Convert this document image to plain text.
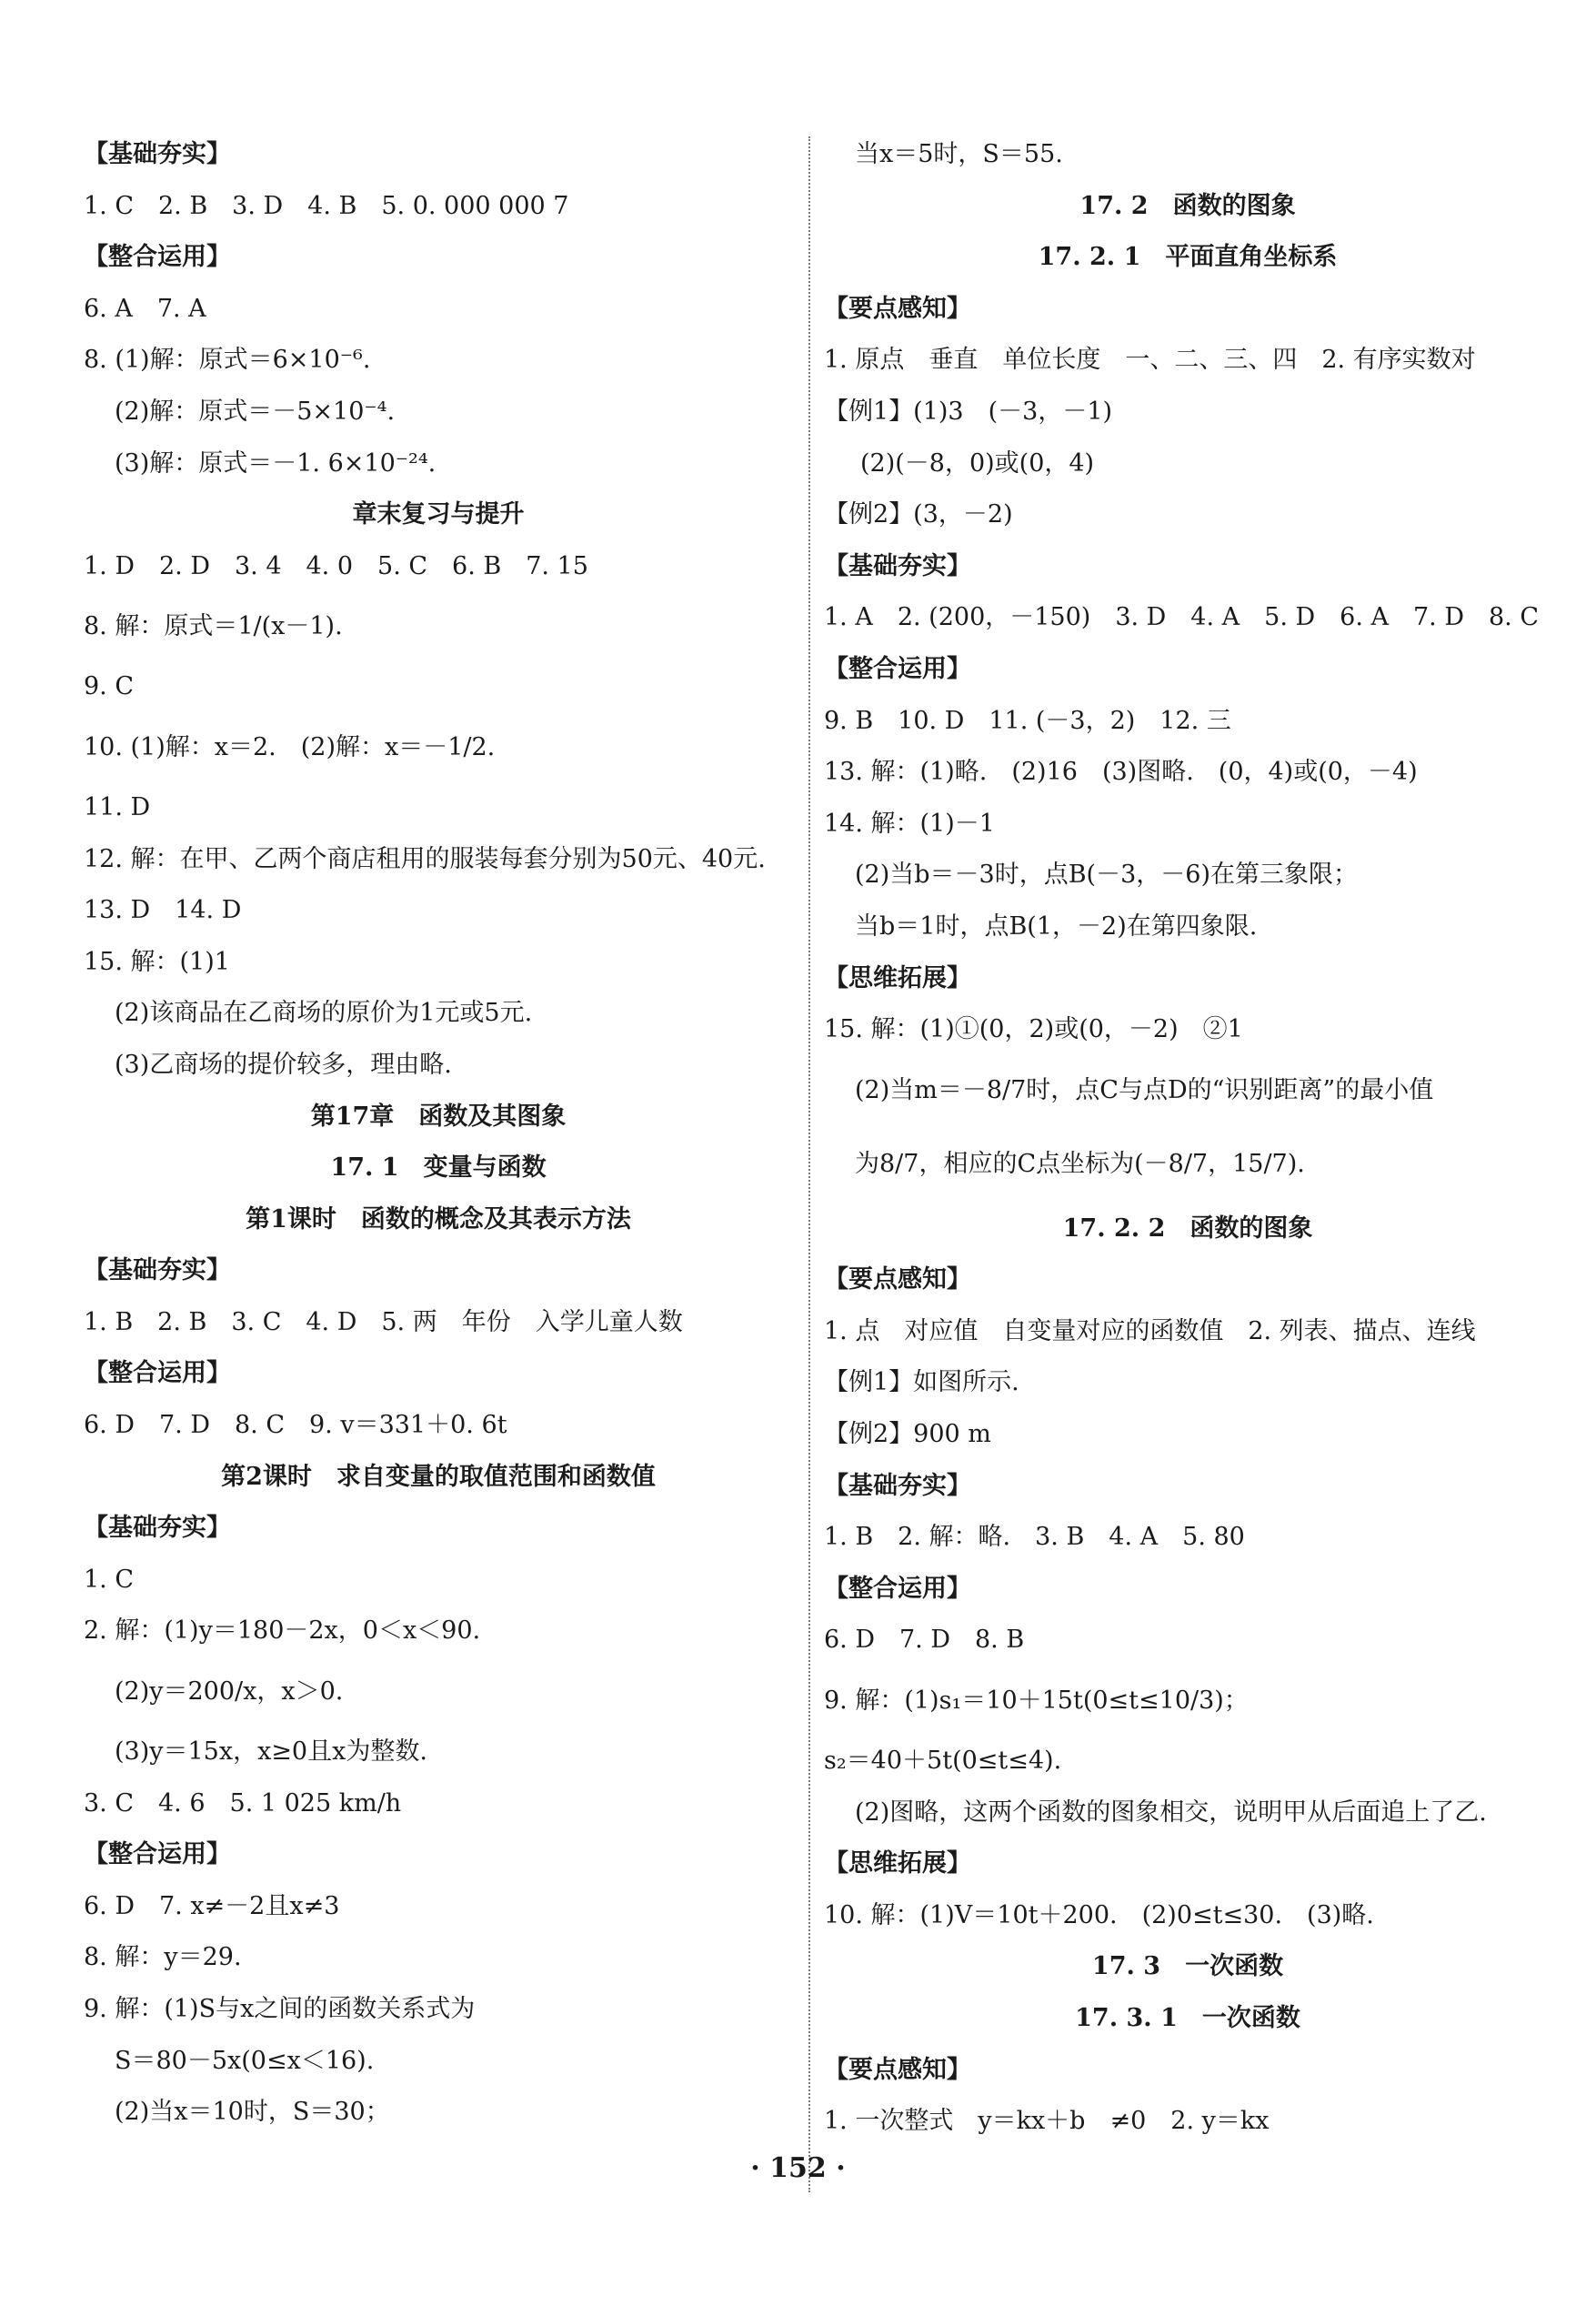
【基础夯实】
1. C　2. B　3. D　4. B　5. 0. 000 000 7
【整合运用】
6. A　7. A
8. (1)解：原式＝6×10⁻⁶.
(2)解：原式＝－5×10⁻⁴.
(3)解：原式＝－1. 6×10⁻²⁴.
章末复习与提升
1. D　2. D　3. 4　4. 0　5. C　6. B　7. 15
8. 解：原式＝1/(x－1).
9. C
10. (1)解：x＝2.　(2)解：x＝－1/2.
11. D
12. 解：在甲、乙两个商店租用的服装每套分别为50元、40元.
13. D　14. D
15. 解：(1)1
(2)该商品在乙商场的原价为1元或5元.
(3)乙商场的提价较多，理由略.
第17章　函数及其图象
17. 1　变量与函数
第1课时　函数的概念及其表示方法
【基础夯实】
1. B　2. B　3. C　4. D　5. 两　年份　入学儿童人数
【整合运用】
6. D　7. D　8. C　9. v＝331＋0. 6t
第2课时　求自变量的取值范围和函数值
【基础夯实】
1. C
2. 解：(1)y＝180－2x，0＜x＜90.
(2)y＝200/x，x＞0.
(3)y＝15x，x≥0且x为整数.
3. C　4. 6　5. 1 025 km/h
【整合运用】
6. D　7. x≠－2且x≠3
8. 解：y＝29.
9. 解：(1)S与x之间的函数关系式为
S＝80－5x(0≤x＜16).
(2)当x＝10时，S＝30；
当x＝5时，S＝55.
17. 2　函数的图象
17. 2. 1　平面直角坐标系
【要点感知】
1. 原点　垂直　单位长度　一、二、三、四　2. 有序实数对
【例1】(1)3　(－3，－1)
(2)(－8，0)或(0，4)
【例2】(3，－2)
【基础夯实】
1. A　2. (200，－150)　3. D　4. A　5. D　6. A　7. D　8. C
【整合运用】
9. B　10. D　11. (－3，2)　12. 三
13. 解：(1)略.　(2)16　(3)图略.　(0，4)或(0，－4)
14. 解：(1)－1
(2)当b＝－3时，点B(－3，－6)在第三象限；
当b＝1时，点B(1，－2)在第四象限.
【思维拓展】
15. 解：(1)①(0，2)或(0，－2)　②1
(2)当m＝－8/7时，点C与点D的“识别距离”的最小值
为8/7，相应的C点坐标为(－8/7，15/7).
17. 2. 2　函数的图象
【要点感知】
1. 点　对应值　自变量对应的函数值　2. 列表、描点、连线
【例1】如图所示.
【例2】900 m
【基础夯实】
1. B　2. 解：略.　3. B　4. A　5. 80
【整合运用】
6. D　7. D　8. B
9. 解：(1)s₁＝10＋15t(0≤t≤10/3)；
s₂＝40＋5t(0≤t≤4).
(2)图略，这两个函数的图象相交，说明甲从后面追上了乙.
【思维拓展】
10. 解：(1)V＝10t＋200.　(2)0≤t≤30.　(3)略.
17. 3　一次函数
17. 3. 1　一次函数
【要点感知】
1. 一次整式　y＝kx＋b　≠0　2. y＝kx
· 152 ·
